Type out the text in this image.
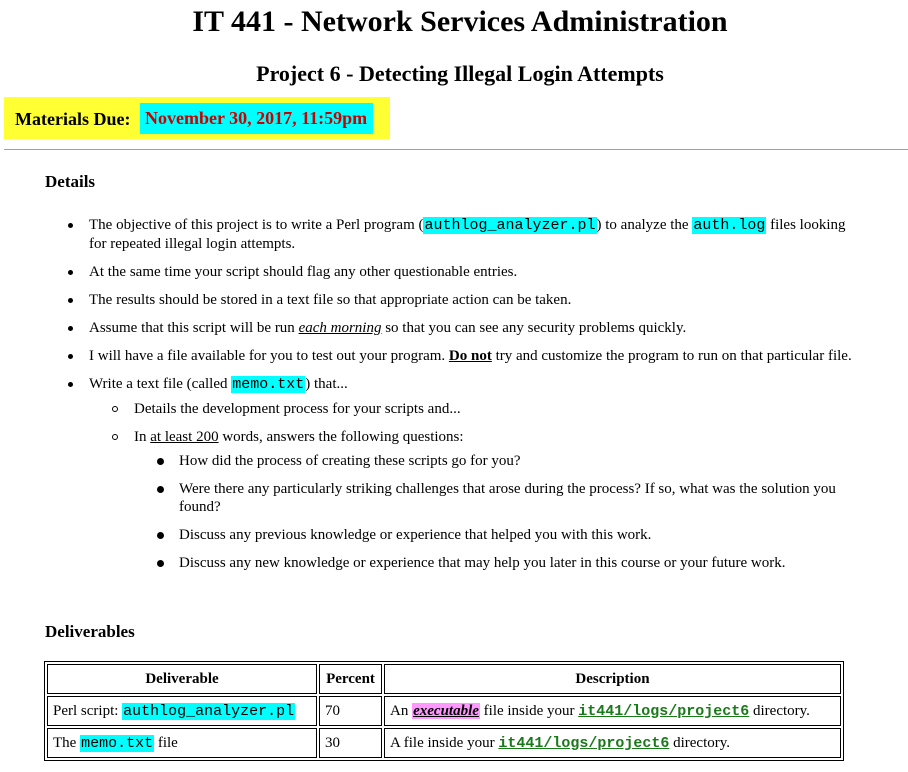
IT 441 - Network Services Administration
Project 6 - Detecting Illegal Login Attempts
Materials Due: November 30, 2017, 11:59pm
Details
The objective of this project is to write a Perl program (authlog_analyzer.pl) to analyze the auth.log files looking for repeated illegal login attempts.
At the same time your script should flag any other questionable entries.
The results should be stored in a text file so that appropriate action can be taken.
Assume that this script will be run each morning so that you can see any security problems quickly.
I will have a file available for you to test out your program. Do not try and customize the program to run on that particular file.
Write a text file (called memo.txt) that...
Details the development process for your scripts and...
In at least 200 words, answers the following questions:
How did the process of creating these scripts go for you?
Were there any particularly striking challenges that arose during the process? If so, what was the solution you found?
Discuss any previous knowledge or experience that helped you with this work.
Discuss any new knowledge or experience that may help you later in this course or your future work.
Deliverables
Deliverable	Percent	Description
Perl script: authlog_analyzer.pl	70	An executable file inside your it441/logs/project6 directory.
The memo.txt file	30	A file inside your it441/logs/project6 directory.
